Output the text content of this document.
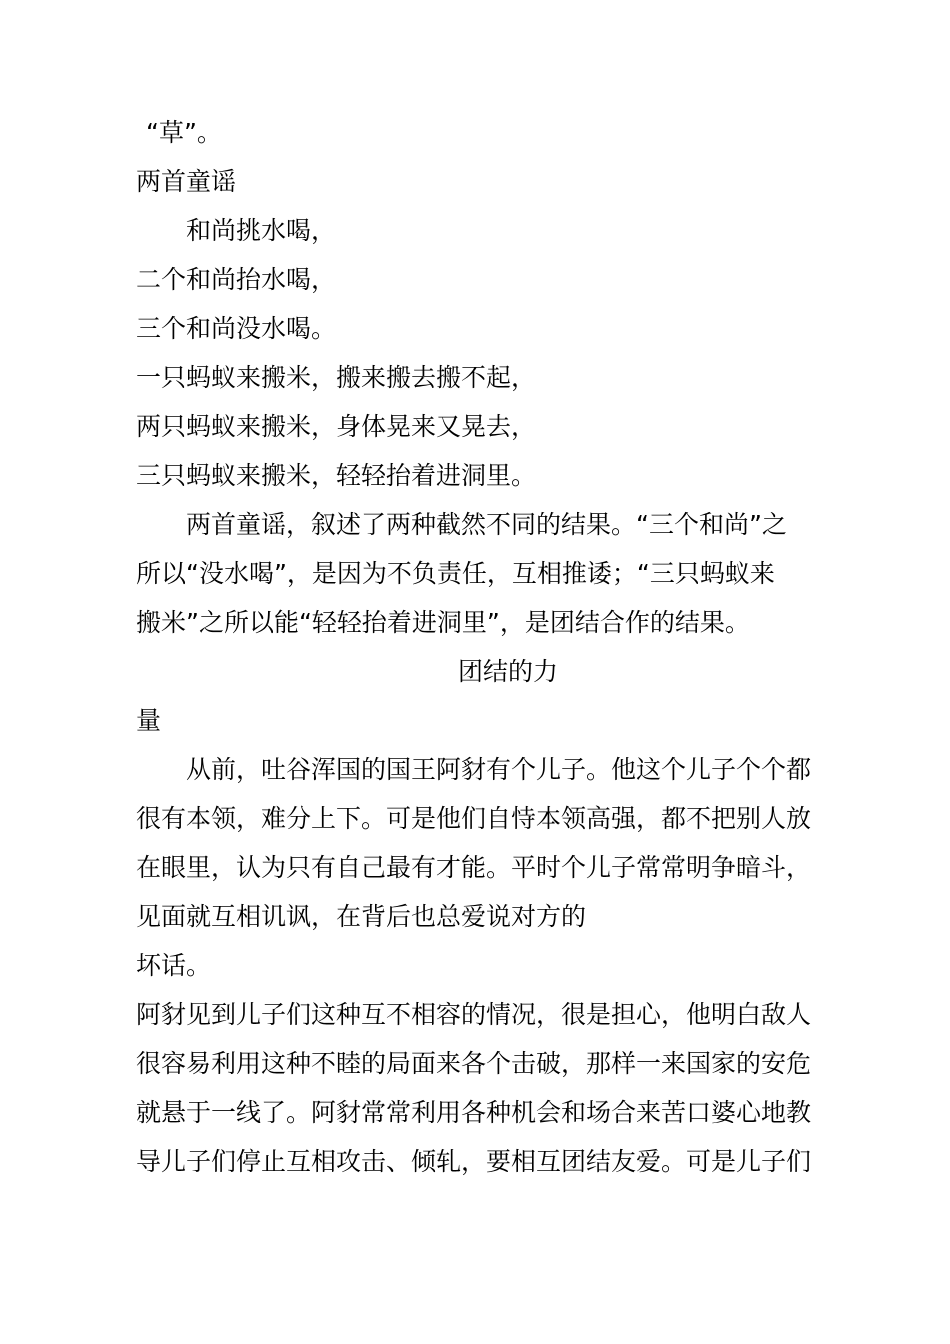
“草”。
两首童谣
和尚挑水喝，
二个和尚抬水喝，
三个和尚没水喝。
一只蚂蚁来搬米，搬来搬去搬不起，
两只蚂蚁来搬米，身体晃来又晃去，
三只蚂蚁来搬米，轻轻抬着进洞里。
两首童谣，叙述了两种截然不同的结果。“三个和尚”之
所以“没水喝”，是因为不负责任，互相推诿；“三只蚂蚁来
搬米”之所以能“轻轻抬着进洞里”，是团结合作的结果。
团结的力
量
从前，吐谷浑国的国王阿豺有个儿子。他这个儿子个个都
很有本领，难分上下。可是他们自恃本领高强，都不把别人放
在眼里，认为只有自己最有才能。平时个儿子常常明争暗斗，
见面就互相讥讽，在背后也总爱说对方的
坏话。
阿豺见到儿子们这种互不相容的情况，很是担心，他明白敌人
很容易利用这种不睦的局面来各个击破，那样一来国家的安危
就悬于一线了。阿豺常常利用各种机会和场合来苦口婆心地教
导儿子们停止互相攻击、倾轧，要相互团结友爱。可是儿子们
